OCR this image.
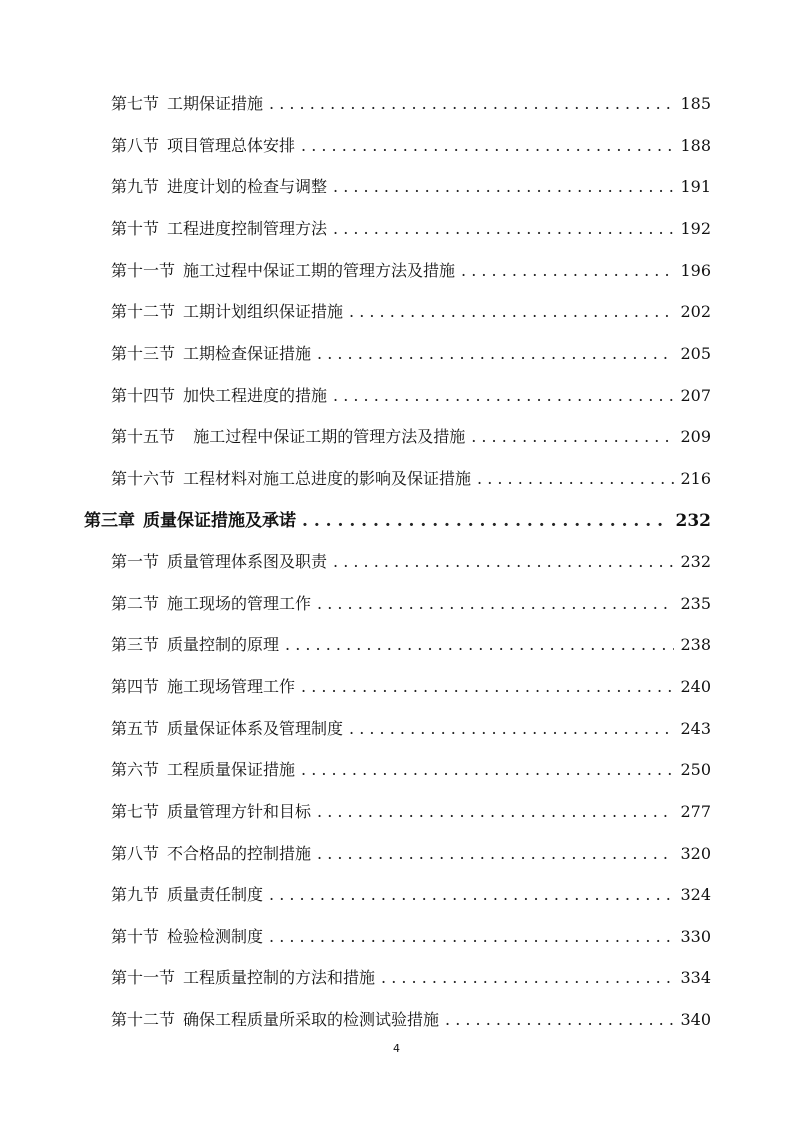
第七节 工期保证措施 . . .	185
第八节 项目管理总体安排 . . .	188
第九节 进度计划的检查与调整 . . .	191
第十节 工程进度控制管理方法 . . .	192
第十一节 施工过程中保证工期的管理方法及措施 . . .	196
第十二节 工期计划组织保证措施 . . .	202
第十三节 工期检查保证措施 . . .	205
第十四节 加快工程进度的措施 . . .	207
第十五节  施工过程中保证工期的管理方法及措施 . . .	209
第十六节 工程材料对施工总进度的影响及保证措施 . . .	216
第三章 质量保证措施及承诺 . . .	232
第一节 质量管理体系图及职责 . . .	232
第二节 施工现场的管理工作 . . .	235
第三节 质量控制的原理 . . .	238
第四节 施工现场管理工作 . . .	240
第五节 质量保证体系及管理制度 . . .	243
第六节 工程质量保证措施 . . .	250
第七节 质量管理方针和目标 . . .	277
第八节 不合格品的控制措施 . . .	320
第九节 质量责任制度 . . .	324
第十节 检验检测制度 . . .	330
第十一节 工程质量控制的方法和措施 . . .	334
第十二节 确保工程质量所采取的检测试验措施 . . .	340
4
